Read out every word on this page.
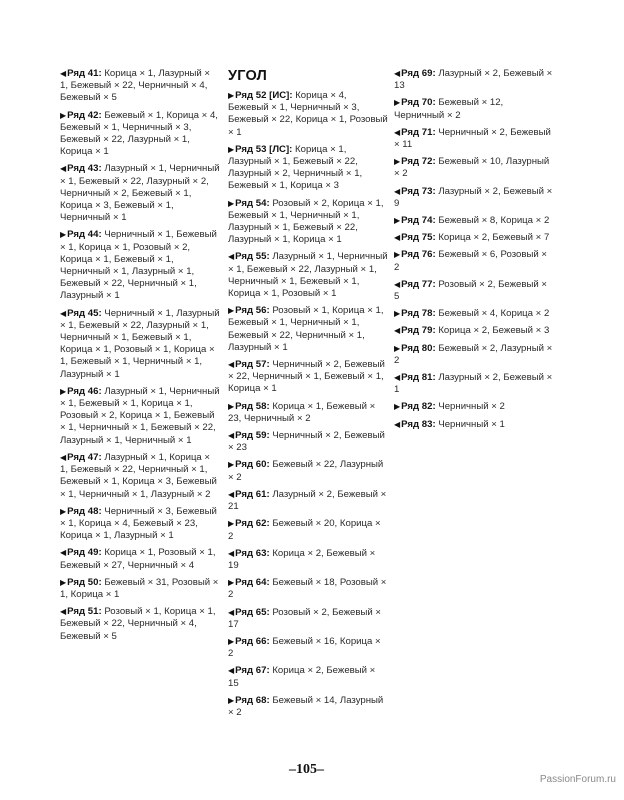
◀Ряд 41: Корица × 1, Лазурный × 1, Бежевый × 22, Черничный × 4, Бежевый × 5
▶Ряд 42: Бежевый × 1, Корица × 4, Бежевый × 1, Черничный × 3, Бежевый × 22, Лазурный × 1, Корица × 1
◀Ряд 43: Лазурный × 1, Черничный × 1, Бежевый × 22, Лазурный × 2, Черничный × 2, Бежевый × 1, Корица × 3, Бежевый × 1, Черничный × 1
▶Ряд 44: Черничный × 1, Бежевый × 1, Корица × 1, Розовый × 2, Корица × 1, Бежевый × 1, Черничный × 1, Лазурный × 1, Бежевый × 22, Черничный × 1, Лазурный × 1
◀Ряд 45: Черничный × 1, Лазурный × 1, Бежевый × 22, Лазурный × 1, Черничный × 1, Бежевый × 1, Корица × 1, Розовый × 1, Корица × 1, Бежевый × 1, Черничный × 1, Лазурный × 1
▶Ряд 46: Лазурный × 1, Черничный × 1, Бежевый × 1, Корица × 1, Розовый × 2, Корица × 1, Бежевый × 1, Черничный × 1, Бежевый × 22, Лазурный × 1, Черничный × 1
◀Ряд 47: Лазурный × 1, Корица × 1, Бежевый × 22, Черничный × 1, Бежевый × 1, Корица × 3, Бежевый × 1, Черничный × 1, Лазурный × 2
▶Ряд 48: Черничный × 3, Бежевый × 1, Корица × 4, Бежевый × 23, Корица × 1, Лазурный × 1
◀Ряд 49: Корица × 1, Розовый × 1, Бежевый × 27, Черничный × 4
▶Ряд 50: Бежевый × 31, Розовый × 1, Корица × 1
◀Ряд 51: Розовый × 1, Корица × 1, Бежевый × 22, Черничный × 4, Бежевый × 5
УГОЛ
▶Ряд 52 [ИС]: Корица × 4, Бежевый × 1, Черничный × 3, Бежевый × 22, Корица × 1, Розовый × 1
▶Ряд 53 [ЛС]: Корица × 1, Лазурный × 1, Бежевый × 22, Лазурный × 2, Черничный × 1, Бежевый × 1, Корица × 3
▶Ряд 54: Розовый × 2, Корица × 1, Бежевый × 1, Черничный × 1, Лазурный × 1, Бежевый × 22, Лазурный × 1, Корица × 1
◀Ряд 55: Лазурный × 1, Черничный × 1, Бежевый × 22, Лазурный × 1, Черничный × 1, Бежевый × 1, Корица × 1, Розовый × 1
▶Ряд 56: Розовый × 1, Корица × 1, Бежевый × 1, Черничный × 1, Бежевый × 22, Черничный × 1, Лазурный × 1
◀Ряд 57: Черничный × 2, Бежевый × 22, Черничный × 1, Бежевый × 1, Корица × 1
▶Ряд 58: Корица × 1, Бежевый × 23, Черничный × 2
◀Ряд 59: Черничный × 2, Бежевый × 23
▶Ряд 60: Бежевый × 22, Лазурный × 2
◀Ряд 61: Лазурный × 2, Бежевый × 21
▶Ряд 62: Бежевый × 20, Корица × 2
◀Ряд 63: Корица × 2, Бежевый × 19
▶Ряд 64: Бежевый × 18, Розовый × 2
◀Ряд 65: Розовый × 2, Бежевый × 17
▶Ряд 66: Бежевый × 16, Корица × 2
◀Ряд 67: Корица × 2, Бежевый × 15
▶Ряд 68: Бежевый × 14, Лазурный × 2
◀Ряд 69: Лазурный × 2, Бежевый × 13
▶Ряд 70: Бежевый × 12, Черничный × 2
◀Ряд 71: Черничный × 2, Бежевый × 11
▶Ряд 72: Бежевый × 10, Лазурный × 2
◀Ряд 73: Лазурный × 2, Бежевый × 9
▶Ряд 74: Бежевый × 8, Корица × 2
◀Ряд 75: Корица × 2, Бежевый × 7
▶Ряд 76: Бежевый × 6, Розовый × 2
◀Ряд 77: Розовый × 2, Бежевый × 5
▶Ряд 78: Бежевый × 4, Корица × 2
◀Ряд 79: Корица × 2, Бежевый × 3
▶Ряд 80: Бежевый × 2, Лазурный × 2
◀Ряд 81: Лазурный × 2, Бежевый × 1
▶Ряд 82: Черничный × 2
◀Ряд 83: Черничный × 1
–105–
PassionForum.ru
